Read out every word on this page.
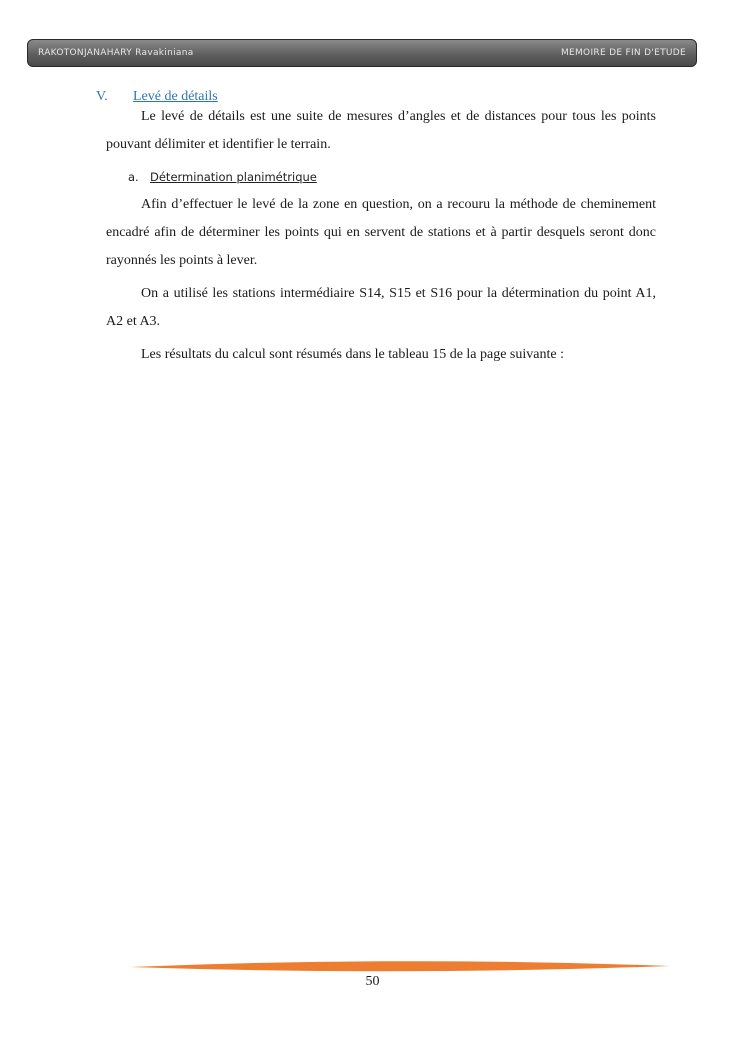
RAKOTONJANAHARY Ravakiniana	MEMOIRE DE FIN D'ETUDE
V. Levé de détails

Le levé de détails est une suite de mesures d’angles et de distances pour tous les points pouvant délimiter et identifier le terrain.

a. Détermination planimétrique

Afin d’effectuer le levé de la zone en question, on a recouru la méthode de cheminement encadré afin de déterminer les points qui en servent de stations et à partir desquels seront donc rayonnés les points à lever.

On a utilisé les stations intermédiaire S14, S15 et S16 pour la détermination du point A1, A2 et A3.

Les résultats du calcul sont résumés dans le tableau 15 de la page suivante :

50
